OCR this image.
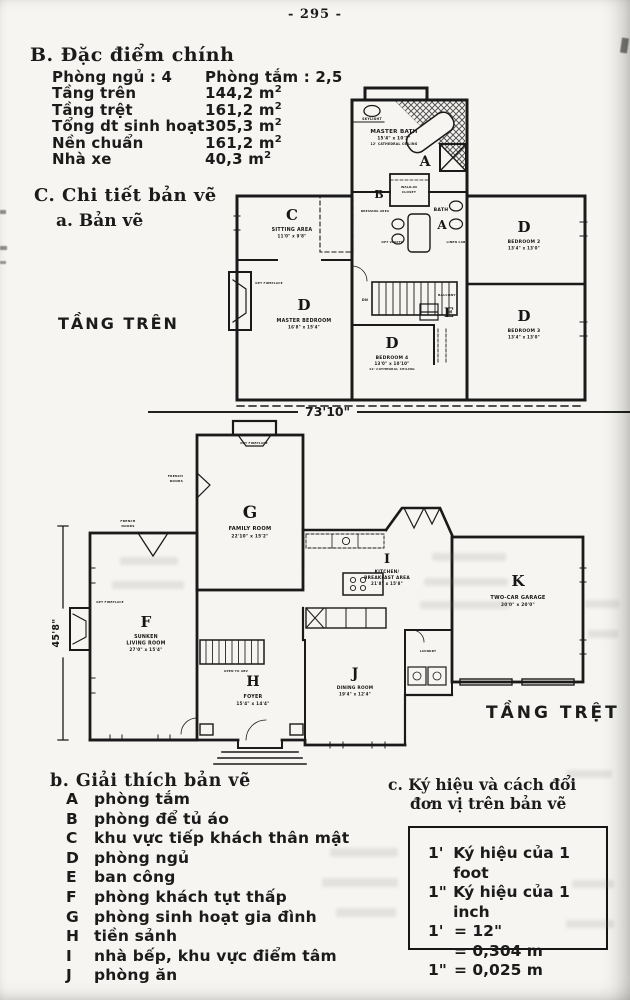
- 295 -
B. Đặc điểm chính
Phòng ngủ : 4	Phòng tắm : 2,5
Tầng trên	144,2 $m^2$
Tầng trệt	161,2 $m^2$
Tổng dt sinh hoạt 305,3 $m^2$
Nền chuẩn	161,2 $m^2$
Nhà xe	40,3 $m^2$
C. Chi tiết bản vẽ
a. Bản vẽ
TẦNG TRÊN
SKYLIGHT
MASTER BATH
15'4" x 10'3"
12' CATHEDRAL CEILING
A
B
WALK-IN
CLOSET
BATH
A
DRESSING AREA
OPT VANITY	LINEN CAB
C
SITTING AREA
11'0" x 9'8"
OPT FIREPLACE
D
MASTER BEDROOM
16'8" x 15'4"
D
BEDROOM 2
13'4" x 13'0"
D
BEDROOM 3
13'4" x 13'0"
D
BEDROOM 4
13'0" x 10'10"
12' CATHEDRAL CEILING
BALCONY
E
DN
73'10"
OPT FIREPLACE
G
FAMILY ROOM
22'10" x 15'2"
FRENCH
DOORS
FRENCH
DOORS
OPT FIREPLACE
F
SUNKEN
LIVING ROOM
27'0" x 15'4"
I
KITCHEN/
BREAKFAST AREA
21'8" x 15'8"
J
DINING ROOM
19'4" x 12'4"
OPEN TO ABV
H
FOYER
15'4" x 14'4"
K
TWO-CAR GARAGE
20'0" x 20'0"
LAUNDRY
45'8"
TẦNG TRỆT
b. Giải thích bản vẽ
A	phòng tắm
B	phòng để tủ áo
C	khu vực tiếp khách thân mật
D phòng ngủ
E	ban công
F	phòng khách tụt thấp
G phòng sinh hoạt gia đình
H tiền sảnh
I	nhà bếp, khu vực điểm tâm
J	phòng ăn
c. Ký hiệu và cách đổi
đơn vị trên bản vẽ
1' Ký hiệu của 1 foot
1" Ký hiệu của 1 inch
1' = 12"
= 0,304 m
1" = 0,025 m
